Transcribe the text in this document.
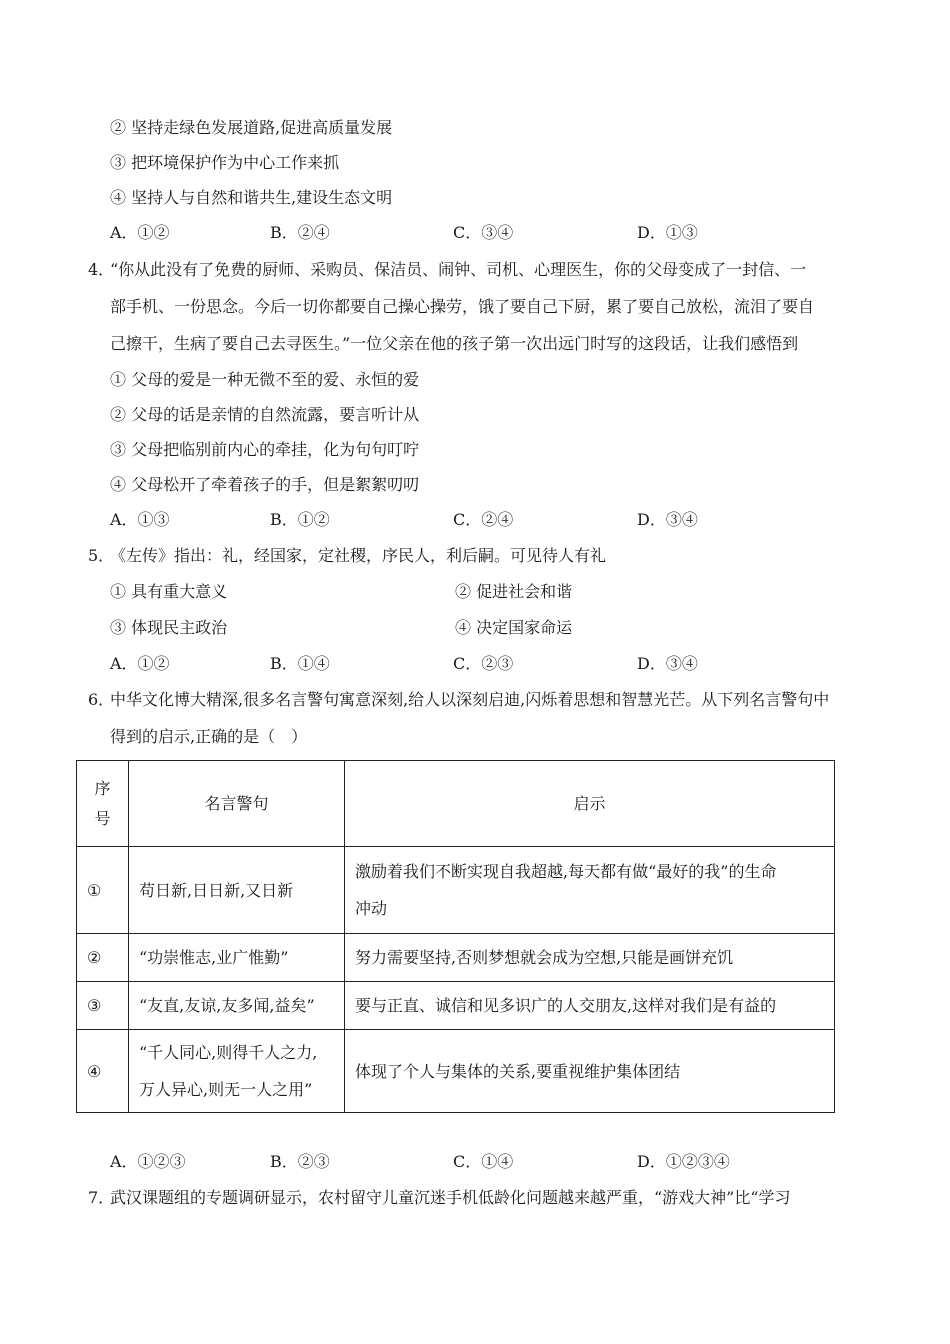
② 坚持走绿色发展道路,促进高质量发展
③ 把环境保护作为中心工作来抓
④ 坚持人与自然和谐共生,建设生态文明
A．①②	B．②④	C．③④	D．①③
4．
“你从此没有了免费的厨师、采购员、保洁员、闹钟、司机、心理医生，你的父母变成了一封信、一
部手机、一份思念。今后一切你都要自己操心操劳，饿了要自己下厨，累了要自己放松，流泪了要自
己擦干，生病了要自己去寻医生。”一位父亲在他的孩子第一次出远门时写的这段话，让我们感悟到
① 父母的爱是一种无微不至的爱、永恒的爱
② 父母的话是亲情的自然流露，要言听计从
③ 父母把临别前内心的牵挂，化为句句叮咛
④ 父母松开了牵着孩子的手，但是絮絮叨叨
A．①③	B．①②	C．②④	D．③④
5．
《左传》指出：礼，经国家，定社稷，序民人，利后嗣。可见待人有礼
① 具有重大意义	② 促进社会和谐
③ 体现民主政治	④ 决定国家命运
A．①②	B．①④	C．②③	D．③④
6．
中华文化博大精深,很多名言警句寓意深刻,给人以深刻启迪,闪烁着思想和智慧光芒。从下列名言警句中
得到的启示,正确的是（　）
序
号	名言警句	启示
①	苟日新,日日新,又日新	激励着我们不断实现自我超越,每天都有做“最好的我”的生命
冲动

②	“功崇惟志,业广惟勤”	努力需要坚持,否则梦想就会成为空想,只能是画饼充饥
③	“友直,友谅,友多闻,益矣”	要与正直、诚信和见多识广的人交朋友,这样对我们是有益的
④	“千人同心,则得千人之力,
万人异心,则无一人之用”	体现了个人与集体的关系,要重视维护集体团结
A．①②③	B．②③	C．①④	D．①②③④
7．
武汉课题组的专题调研显示，农村留守儿童沉迷手机低龄化问题越来越严重，“游戏大神”比“学习
